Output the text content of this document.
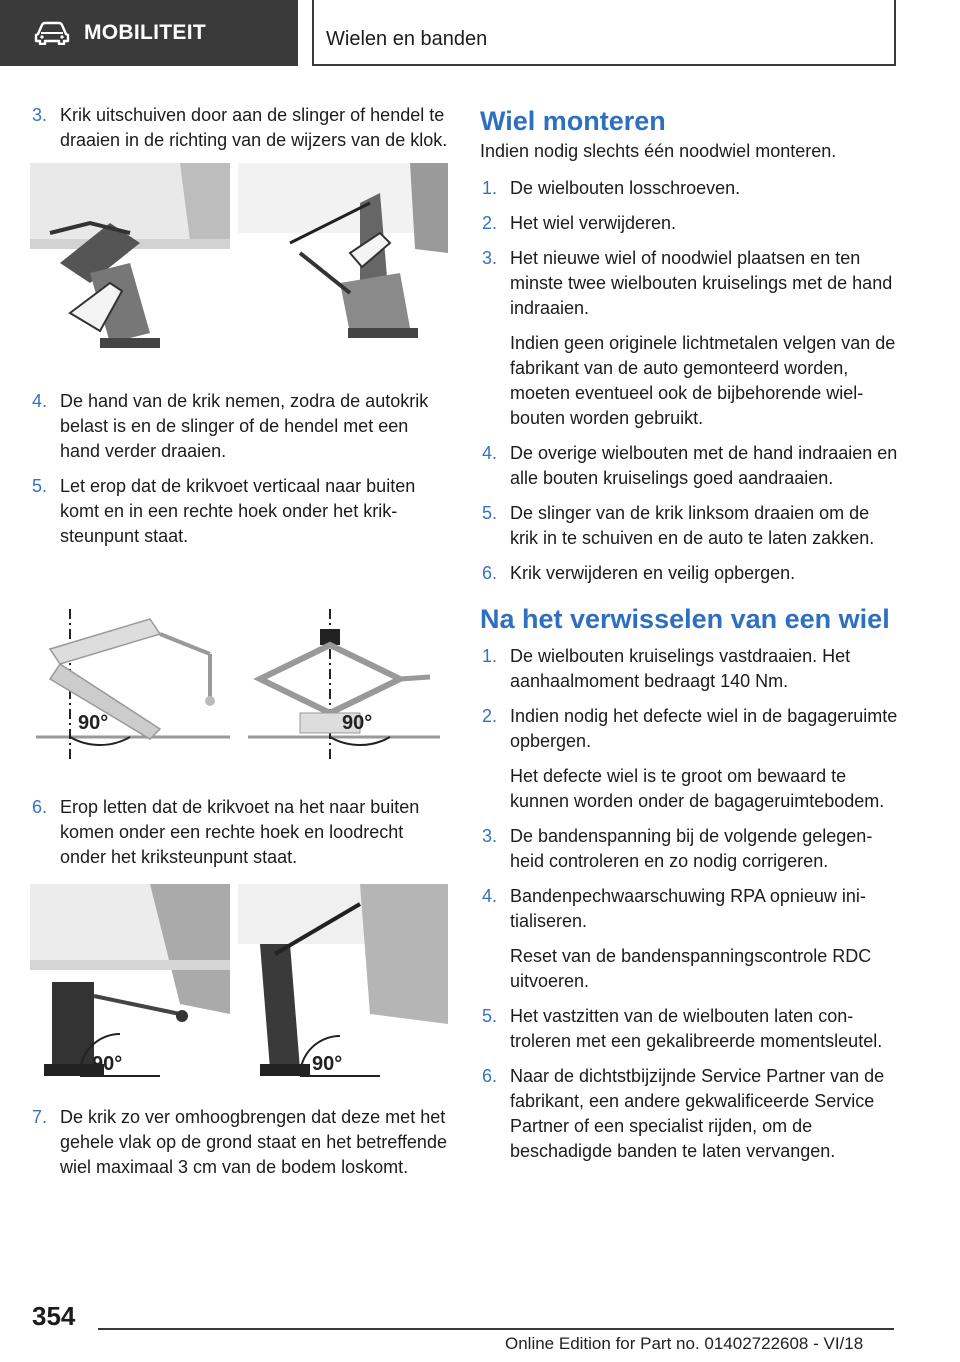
MOBILITEIT	Wielen en banden
3. Krik uitschuiven door aan de slinger of hendel te draaien in de richting van de wijzers van de klok.
4. De hand van de krik nemen, zodra de autokrik belast is en de slinger of de hendel met een hand verder draaien.
5. Let erop dat de krikvoet verticaal naar buiten komt en in een rechte hoek onder het kriksteunpunt staat.
90°	90°
6. Erop letten dat de krikvoet na het naar buiten komen onder een rechte hoek en loodrecht onder het kriksteunpunt staat.
90°	90°
7. De krik zo ver omhoogbrengen dat deze met het gehele vlak op de grond staat en het betreffende wiel maximaal 3 cm van de bodem loskomt.
Wiel monteren

Indien nodig slechts één noodwiel monteren.

1. De wielbouten losschroeven.
2. Het wiel verwijderen.
3. Het nieuwe wiel of noodwiel plaatsen en ten minste twee wielbouten kruiselings met de hand indraaien.

Indien geen originele lichtmetalen velgen van de fabrikant van de auto gemonteerd worden, moeten eventueel ook de bijbehorende wielbouten worden gebruikt.

4. De overige wielbouten met de hand indraaien en alle bouten kruiselings goed aandraaien.
5. De slinger van de krik linksom draaien om de krik in te schuiven en de auto te laten zakken.
6. Krik verwijderen en veilig opbergen.
Na het verwisselen van een wiel
1. De wielbouten kruiselings vastdraaien. Het aanhaalmoment bedraagt 140 Nm.
2. Indien nodig het defecte wiel in de bagageruimte opbergen.

Het defecte wiel is te groot om bewaard te kunnen worden onder de bagageruimtebodem.

3. De bandenspanning bij de volgende gelegenheid controleren en zo nodig corrigeren.
4. Bandenpechwaarschuwing RPA opnieuw initialiseren.

Reset van de bandenspanningscontrole RDC uitvoeren.

5. Het vastzitten van de wielbouten laten controleren met een gekalibreerde momentsleutel.
6. Naar de dichtstbijzijnde Service Partner van de fabrikant, een andere gekwalificeerde Service Partner of een specialist rijden, om de beschadigde banden te laten vervangen.
354
Online Edition for Part no. 01402722608 - VI/18
